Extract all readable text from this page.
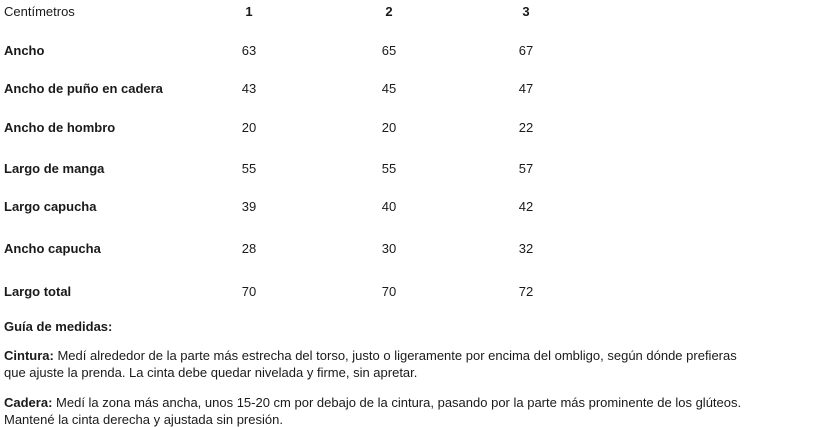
Centímetros	1	2	3
Ancho	63	65	67
Ancho de puño en cadera	43	45	47
Ancho de hombro	20	20	22
Largo de manga	55	55	57
Largo capucha	39	40	42
Ancho capucha	28	30	32
Largo total	70	70	72
Guía de medidas:
Cintura: Medí alrededor de la parte más estrecha del torso, justo o ligeramente por encima del ombligo, según dónde prefieras
que ajuste la prenda. La cinta debe quedar nivelada y firme, sin apretar.
Cadera: Medí la zona más ancha, unos 15-20 cm por debajo de la cintura, pasando por la parte más prominente de los glúteos.
Mantené la cinta derecha y ajustada sin presión.
